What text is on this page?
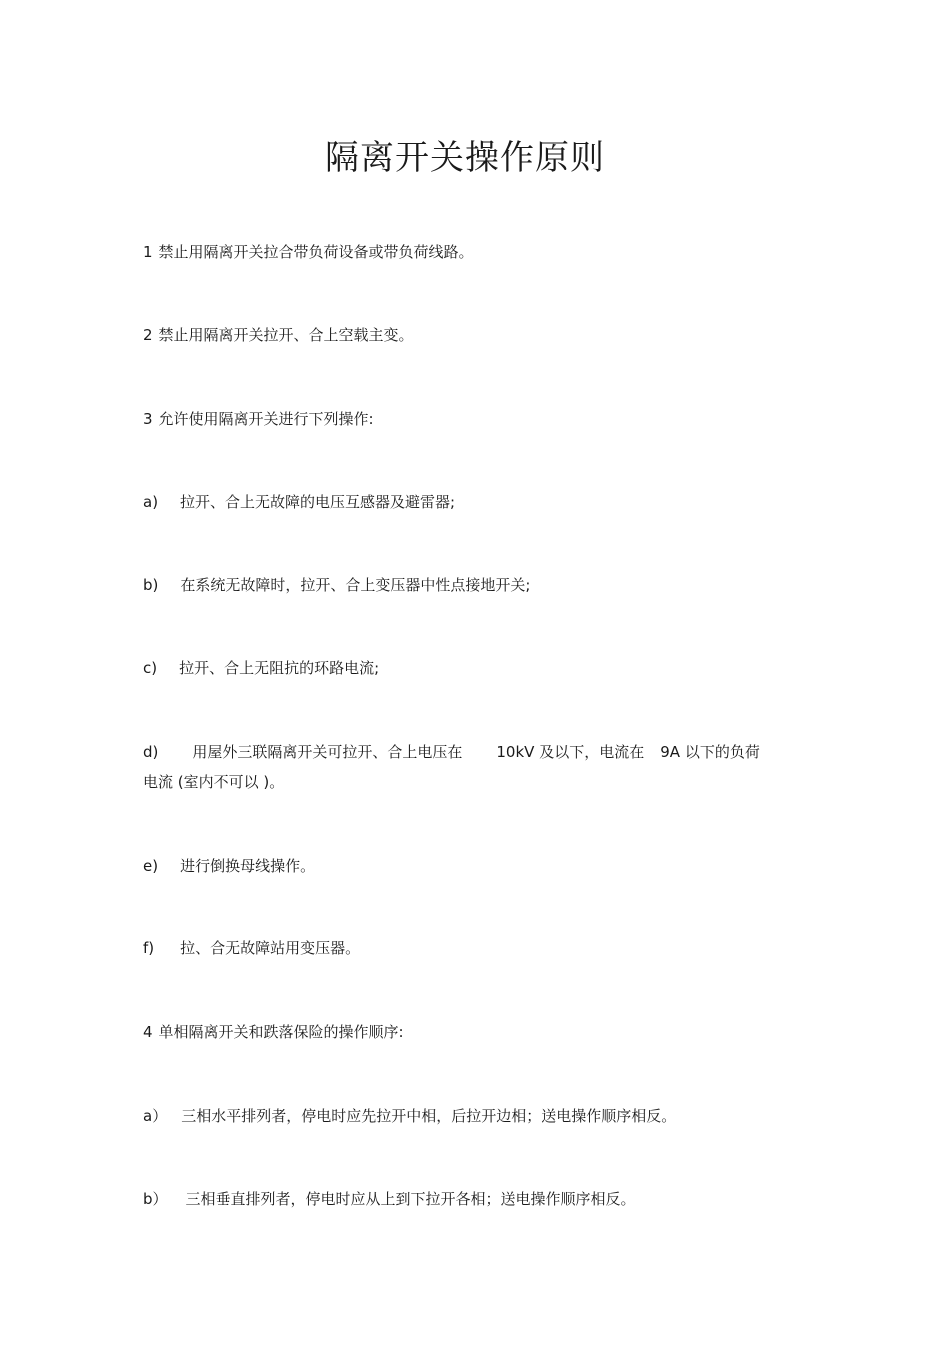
隔离开关操作原则

1 禁止用隔离开关拉合带负荷设备或带负荷线路。

2 禁止用隔离开关拉开、合上空载主变。

3 允许使用隔离开关进行下列操作:

a) 拉开、合上无故障的电压互感器及避雷器;

b) 在系统无故障时，拉开、合上变压器中性点接地开关;

c) 拉开、合上无阻抗的环路电流;

d) 用屋外三联隔离开关可拉开、合上电压在 10kV 及以下，电流在 9A 以下的负荷
电流 (室内不可以 )。

e) 进行倒换母线操作。

f) 拉、合无故障站用变压器。

4 单相隔离开关和跌落保险的操作顺序:

a） 三相水平排列者，停电时应先拉开中相，后拉开边相；送电操作顺序相反。

b） 三相垂直排列者，停电时应从上到下拉开各相；送电操作顺序相反。
